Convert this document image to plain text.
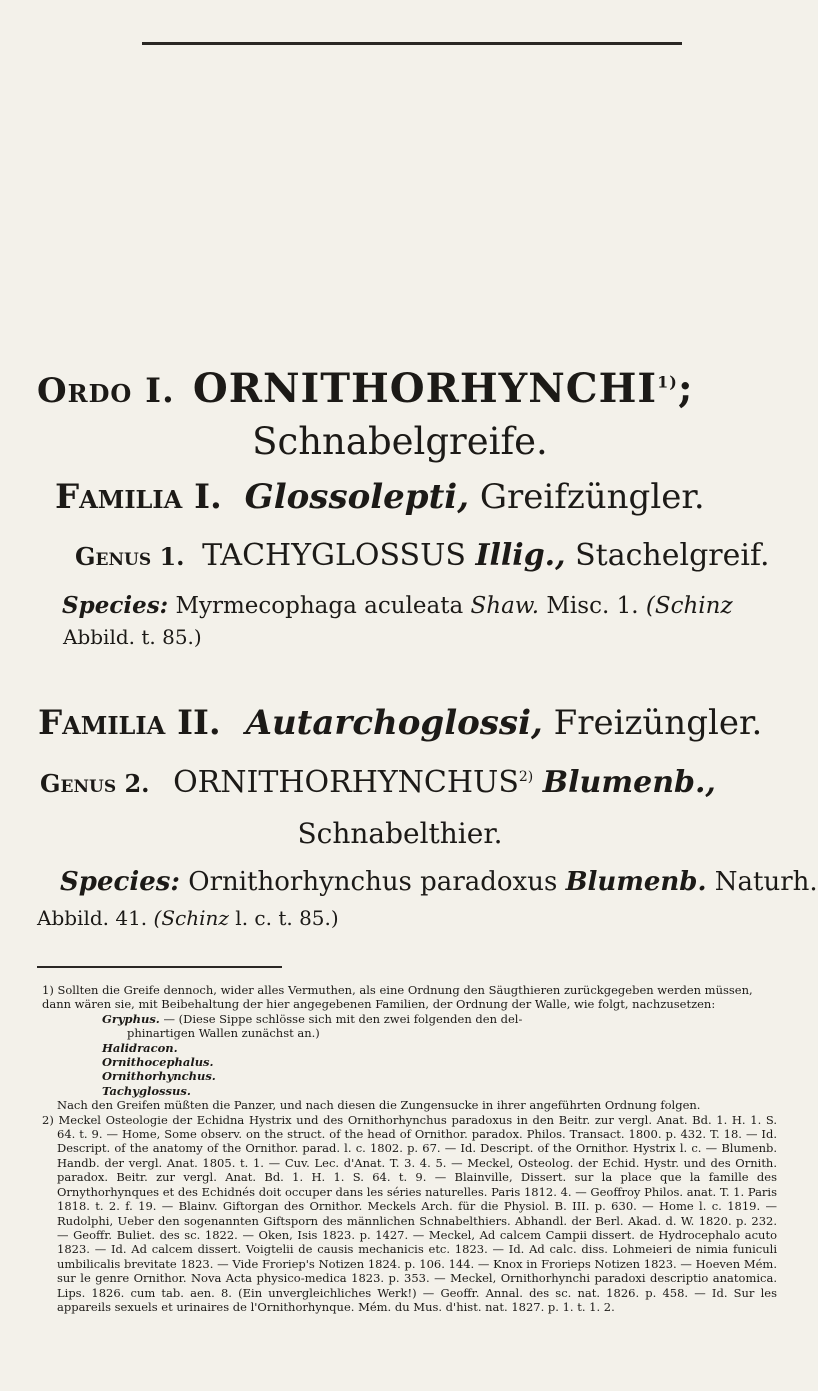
Ordo I. ORNITHORHYNCHI$^{1)}$;
Schnabelgreife.
Familia I. Glossolepti, Greifzüngler.
Genus 1. TACHYGLOSSUS Illig., Stachelgreif.
Species: Myrmecophaga aculeata Shaw. Misc. 1. (Schinz
Abbild. t. 85.)
Familia II. Autarchoglossi, Freizüngler.
Genus 2. ORNITHORHYNCHUS$^{2)}$ Blumenb.,
Schnabelthier.
Species: Ornithorhynchus paradoxus Blumenb. Naturh.
Abbild. 41. (Schinz l. c. t. 85.)

1) Sollten die Greife dennoch, wider alles Vermuthen, als eine Ordnung den Säugthieren zurückgegeben werden müssen, dann wären sie, mit Beibehaltung der hier angegebenen Familien, der Ordnung der Walle, wie folgt, nachzusetzen:

Gryphus. — (Diese Sippe schlösse sich mit den zwei folgenden den del-

phinartigen Wallen zunächst an.)

Halidracon.

Ornithocephalus.

Ornithorhynchus.

Tachyglossus.

Nach den Greifen müßten die Panzer, und nach diesen die Zungensucke in ihrer angeführten Ordnung folgen.

2) Meckel Osteologie der Echidna Hystrix und des Ornithorhynchus paradoxus in den Beitr. zur vergl. Anat. Bd. 1. H. 1. S. 64. t. 9. — Home, Some observ. on the struct. of the head of Ornithor. paradox. Philos. Transact. 1800. p. 432. T. 18. — Id. Descript. of the anatomy of the Ornithor. parad. l. c. 1802. p. 67. — Id. Descript. of the Ornithor. Hystrix l. c. — Blumenb. Handb. der vergl. Anat. 1805. t. 1. — Cuv. Lec. d'Anat. T. 3. 4. 5. — Meckel, Osteolog. der Echid. Hystr. und des Ornith. paradox. Beitr. zur vergl. Anat. Bd. 1. H. 1. S. 64. t. 9. — Blainville, Dissert. sur la place que la famille des Ornythorhynques et des Echidnés doit occuper dans les séries naturelles. Paris 1812. 4. — Geoffroy Philos. anat. T. 1. Paris 1818. t. 2. f. 19. — Blainv. Giftorgan des Ornithor. Meckels Arch. für die Physiol. B. III. p. 630. — Home l. c. 1819. — Rudolphi, Ueber den sogenannten Giftsporn des männlichen Schnabelthiers. Abhandl. der Berl. Akad. d. W. 1820. p. 232. — Geoffr. Buliet. des sc. 1822. — Oken, Isis 1823. p. 1427. — Meckel, Ad calcem Campii dissert. de Hydrocephalo acuto 1823. — Id. Ad calcem dissert. Voigtelii de causis mechanicis etc. 1823. — Id. Ad calc. diss. Lohmeieri de nimia funiculi umbilicalis brevitate 1823. — Vide Froriep's Notizen 1824. p. 106. 144. — Knox in Frorieps Notizen 1823. — Hoeven Mém. sur le genre Ornithor. Nova Acta physico-medica 1823. p. 353. — Meckel, Ornithorhynchi paradoxi descriptio anatomica. Lips. 1826. cum tab. aen. 8. (Ein unvergleichliches Werk!) — Geoffr. Annal. des sc. nat. 1826. p. 458. — Id. Sur les appareils sexuels et urinaires de l'Ornithorhynque. Mém. du Mus. d'hist. nat. 1827. p. 1. t. 1. 2.
